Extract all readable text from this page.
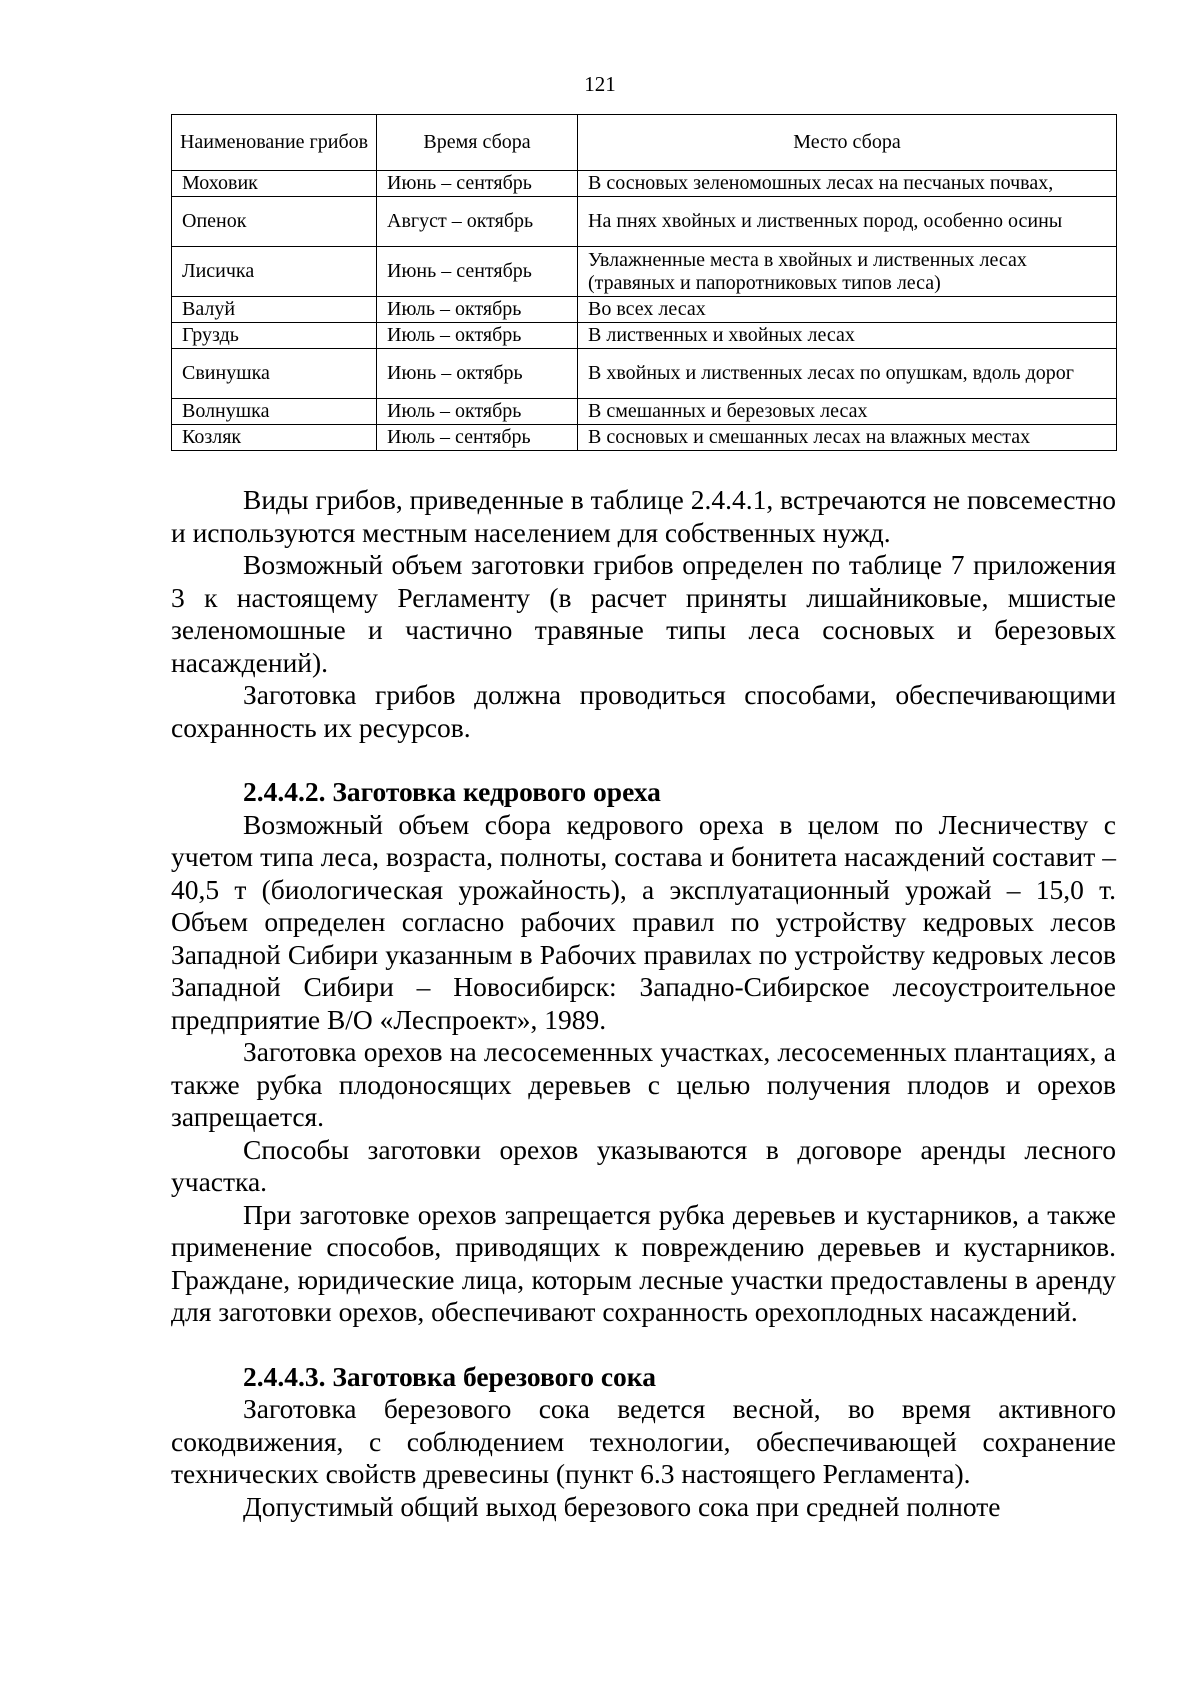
121
Наименование грибов	Время сбора	Место сбора
Моховик	Июнь – сентябрь	В сосновых зеленомошных лесах на песчаных почвах,
Опенок	Август – октябрь	На пнях хвойных и лиственных пород, особенно осины
Лисичка	Июнь – сентябрь	Увлажненные места в хвойных и лиственных лесах (травяных и папоротниковых типов леса)
Валуй	Июль – октябрь	Во всех лесах
Груздь	Июль – октябрь	В лиственных и хвойных лесах
Свинушка	Июнь – октябрь	В хвойных и лиственных лесах по опушкам, вдоль дорог
Волнушка	Июль – октябрь	В смешанных и березовых лесах
Козляк	Июль – сентябрь	В сосновых и смешанных лесах на влажных местах

Виды грибов, приведенные в таблице 2.4.4.1, встречаются не повсеместно и используются местным населением для собственных нужд.

Возможный объем заготовки грибов определен по таблице 7 приложения 3 к настоящему Регламенту (в расчет приняты лишайниковые, мшистые зеленомошные и частично травяные типы леса сосновых и березовых насаждений).

Заготовка грибов должна проводиться способами, обеспечивающими сохранность их ресурсов.

2.4.4.2. Заготовка кедрового ореха

Возможный объем сбора кедрового ореха в целом по Лесничеству с учетом типа леса, возраста, полноты, состава и бонитета насаждений составит – 40,5 т (биологическая урожайность), а эксплуатационный урожай – 15,0 т. Объем определен согласно рабочих правил по устройству кедровых лесов Западной Сибири указанным в Рабочих правилах по устройству кедровых лесов Западной Сибири – Новосибирск: Западно-Сибирское лесоустроительное предприятие В/О «Леспроект», 1989.

Заготовка орехов на лесосеменных участках, лесосеменных плантациях, а также рубка плодоносящих деревьев с целью получения плодов и орехов запрещается.

Способы заготовки орехов указываются в договоре аренды лесного участка.

При заготовке орехов запрещается рубка деревьев и кустарников, а также применение способов, приводящих к повреждению деревьев и кустарников. Граждане, юридические лица, которым лесные участки предоставлены в аренду для заготовки орехов, обеспечивают сохранность орехоплодных насаждений.

2.4.4.3. Заготовка березового сока

Заготовка березового сока ведется весной, во время активного сокодвижения, с соблюдением технологии, обеспечивающей сохранение технических свойств древесины (пункт 6.3 настоящего Регламента).

Допустимый общий выход березового сока при средней полноте
